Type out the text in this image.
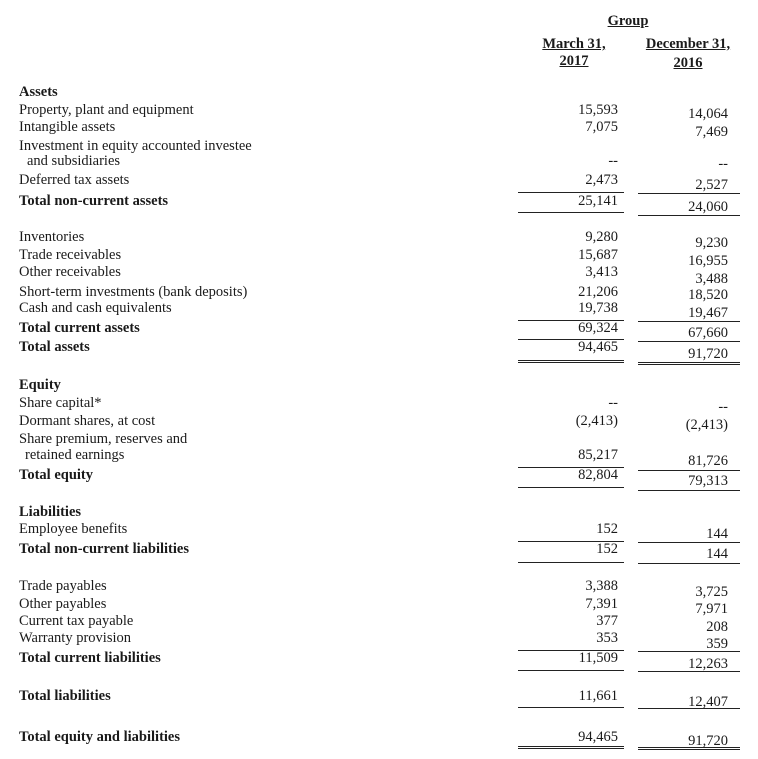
Group
March 31,
2017
December 31,
2016
Assets
Property, plant and equipment	15,593	14,064
Intangible assets	7,075	7,469
Investment in equity accounted investee
and subsidiaries	--	--
Deferred tax assets	2,473	2,527
Total non-current assets	25,141	24,060
Inventories	9,280	9,230
Trade receivables	15,687	16,955
Other receivables	3,413	3,488
Short-term investments (bank deposits)	21,206	18,520
Cash and cash equivalents	19,738	19,467
Total current assets	69,324	67,660
Total assets	94,465	91,720
Equity
Share capital*	--	--
Dormant shares, at cost	(2,413)	(2,413)
Share premium, reserves and
retained earnings	85,217	81,726
Total equity	82,804	79,313
Liabilities
Employee benefits	152	144
Total non-current liabilities	152	144
Trade payables	3,388	3,725
Other payables	7,391	7,971
Current tax payable	377	208
Warranty provision	353	359
Total current liabilities	11,509	12,263
Total liabilities	11,661	12,407
Total equity and liabilities	94,465	91,720
